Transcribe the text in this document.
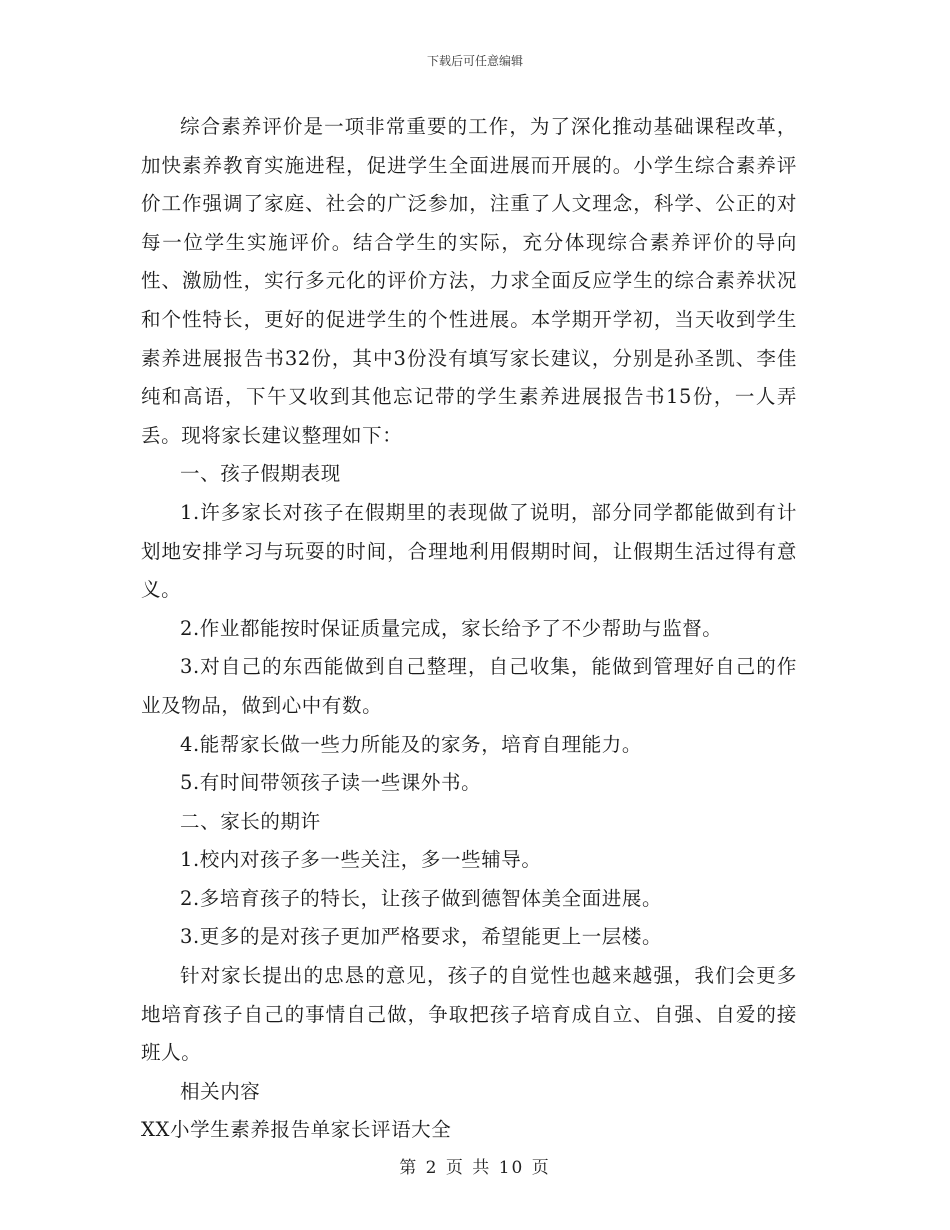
下载后可任意编辑

综合素养评价是一项非常重要的工作，为了深化推动基础课程改革，加快素养教育实施进程，促进学生全面进展而开展的。小学生综合素养评价工作强调了家庭、社会的广泛参加，注重了人文理念，科学、公正的对每一位学生实施评价。结合学生的实际，充分体现综合素养评价的导向性、激励性，实行多元化的评价方法，力求全面反应学生的综合素养状况和个性特长，更好的促进学生的个性进展。本学期开学初，当天收到学生素养进展报告书32份，其中3份没有填写家长建议，分别是孙圣凯、李佳纯和高语，下午又收到其他忘记带的学生素养进展报告书15份，一人弄丢。现将家长建议整理如下：

一、孩子假期表现

1.许多家长对孩子在假期里的表现做了说明，部分同学都能做到有计划地安排学习与玩耍的时间，合理地利用假期时间，让假期生活过得有意义。

2.作业都能按时保证质量完成，家长给予了不少帮助与监督。

3.对自己的东西能做到自己整理，自己收集，能做到管理好自己的作业及物品，做到心中有数。

4.能帮家长做一些力所能及的家务，培育自理能力。

5.有时间带领孩子读一些课外书。

二、家长的期许

1.校内对孩子多一些关注，多一些辅导。

2.多培育孩子的特长，让孩子做到德智体美全面进展。

3.更多的是对孩子更加严格要求，希望能更上一层楼。

针对家长提出的忠恳的意见，孩子的自觉性也越来越强，我们会更多地培育孩子自己的事情自己做，争取把孩子培育成自立、自强、自爱的接班人。

相关内容

XX小学生素养报告单家长评语大全

第 2 页 共 10 页
